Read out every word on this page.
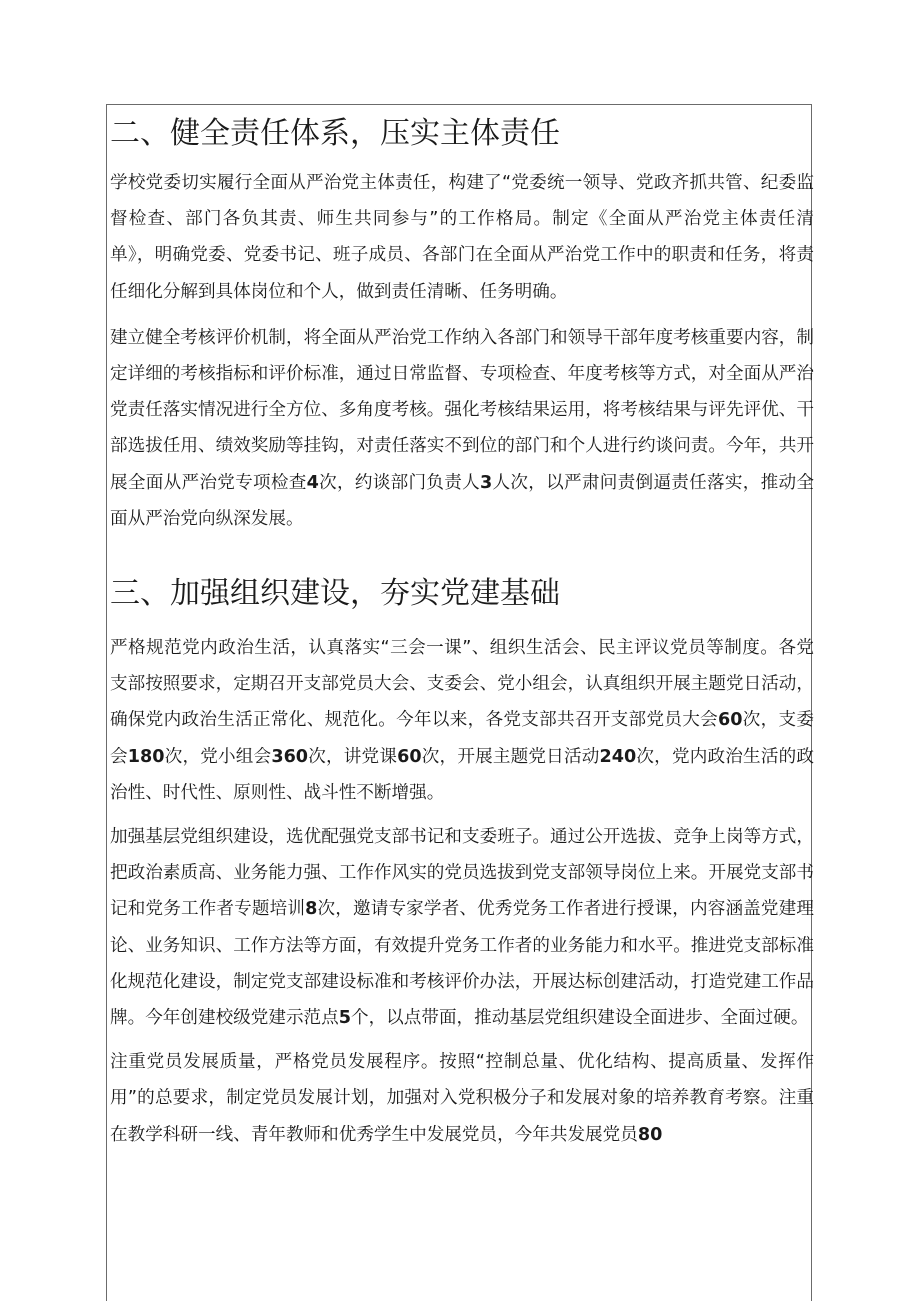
二、健全责任体系，压实主体责任

学校党委切实履行全面从严治党主体责任，构建了“党委统一领导、党政齐抓共管、纪委监督检查、部门各负其责、师生共同参与”的工作格局。制定《全面从严治党主体责任清单》，明确党委、党委书记、班子成员、各部门在全面从严治党工作中的职责和任务，将责任细化分解到具体岗位和个人，做到责任清晰、任务明确。

建立健全考核评价机制，将全面从严治党工作纳入各部门和领导干部年度考核重要内容，制定详细的考核指标和评价标准，通过日常监督、专项检查、年度考核等方式，对全面从严治党责任落实情况进行全方位、多角度考核。强化考核结果运用，将考核结果与评先评优、干部选拔任用、绩效奖励等挂钩，对责任落实不到位的部门和个人进行约谈问责。今年，共开展全面从严治党专项检查4次，约谈部门负责人3人次，以严肃问责倒逼责任落实，推动全面从严治党向纵深发展。

三、加强组织建设，夯实党建基础

严格规范党内政治生活，认真落实“三会一课”、组织生活会、民主评议党员等制度。各党支部按照要求，定期召开支部党员大会、支委会、党小组会，认真组织开展主题党日活动，确保党内政治生活正常化、规范化。今年以来，各党支部共召开支部党员大会60次，支委会180次，党小组会360次，讲党课60次，开展主题党日活动240次，党内政治生活的政治性、时代性、原则性、战斗性不断增强。

加强基层党组织建设，选优配强党支部书记和支委班子。通过公开选拔、竞争上岗等方式，把政治素质高、业务能力强、工作作风实的党员选拔到党支部领导岗位上来。开展党支部书记和党务工作者专题培训8次，邀请专家学者、优秀党务工作者进行授课，内容涵盖党建理论、业务知识、工作方法等方面，有效提升党务工作者的业务能力和水平。推进党支部标准化规范化建设，制定党支部建设标准和考核评价办法，开展达标创建活动，打造党建工作品牌。今年创建校级党建示范点5个，以点带面，推动基层党组织建设全面进步、全面过硬。

注重党员发展质量，严格党员发展程序。按照“控制总量、优化结构、提高质量、发挥作用”的总要求，制定党员发展计划，加强对入党积极分子和发展对象的培养教育考察。注重在教学科研一线、青年教师和优秀学生中发展党员，今年共发展党员80
